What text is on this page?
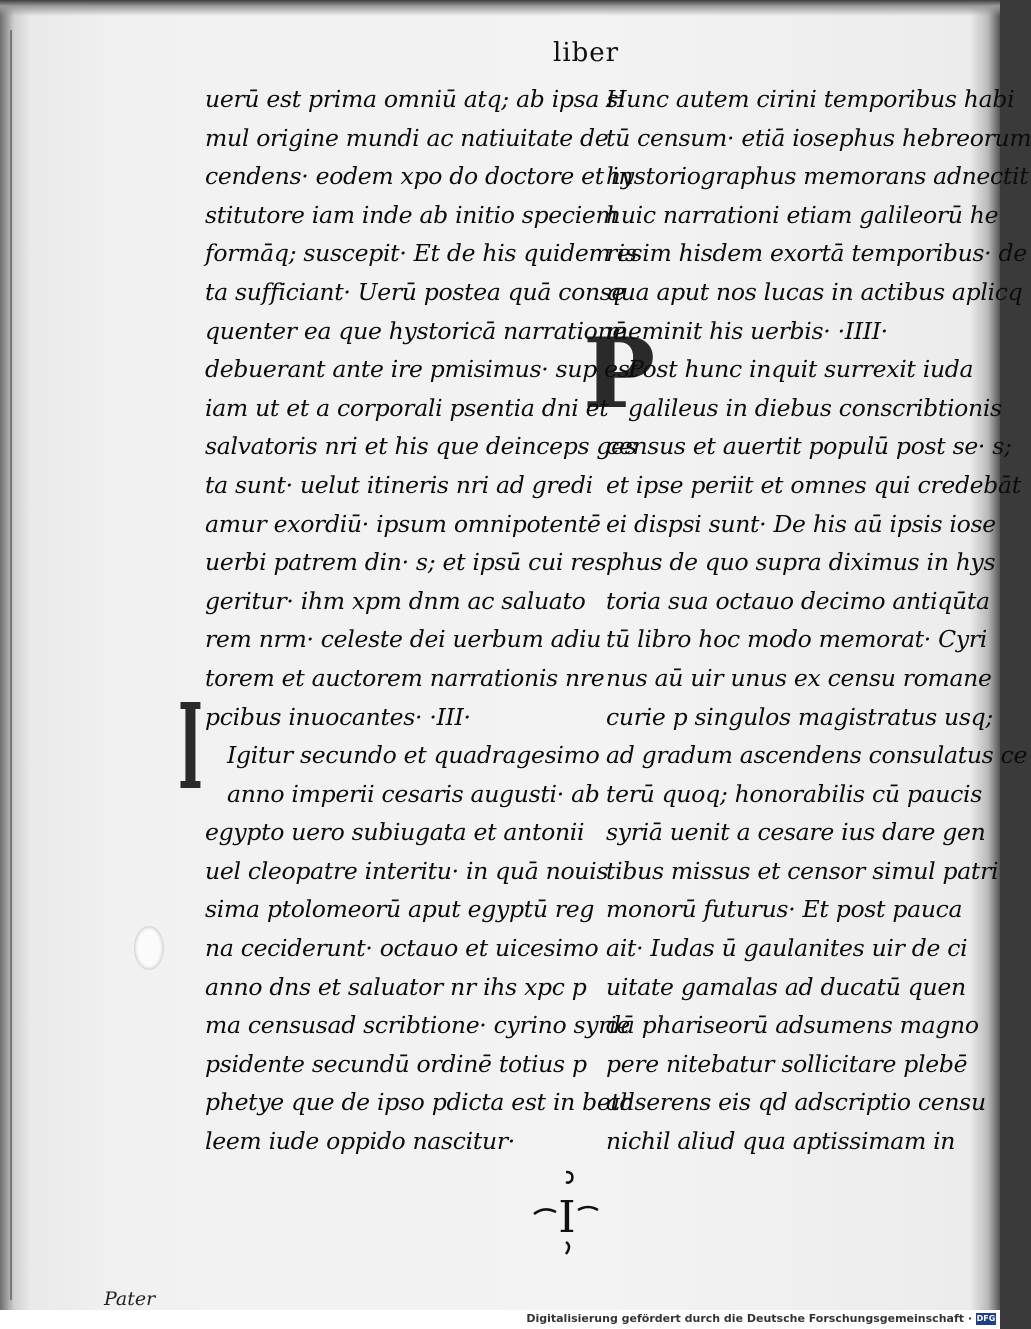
liber
I
P
uerū est prima omniū atq; ab ipsa si
mul origine mundi ac natiuitate de
cendens· eodem xpo do doctore et in
stitutore iam inde ab initio speciem
formāq; suscepit· Et de his quidem is
ta sufficiant· Uerū postea quā conse
quenter ea que hystoricā narrationē
debuerant ante ire pmisimus· sup est
iam ut et a corporali psentia dni et
salvatoris nri et his que deinceps ges
ta sunt· uelut itineris nri ad gredi
amur exordiū· ipsum omnipotentē
uerbi patrem din· s; et ipsū cui res
geritur· ihm xpm dnm ac saluato
rem nrm· celeste dei uerbum adiu
torem et auctorem narrationis nre
pcibus inuocantes· ·III·
Igitur secundo et quadragesimo
anno imperii cesaris augusti· ab
egypto uero subiugata et antonii
uel cleopatre interitu· in quā nouis
sima ptolomeorū aput egyptū reg
na ceciderunt· octauo et uicesimo
anno dns et saluator nr ihs xpc p
ma censusad scribtione· cyrino syrie
psidente secundū ordinē totius p
phetye que de ipso pdicta est in beth
leem iude oppido nascitur·
Hunc autem cirini temporibus habi
tū censum· etiā iosephus hebreorum
hystoriographus memorans adnectit
huic narrationi etiam galileorū he
resim hisdem exortā temporibus· de
qua aput nos lucas in actibus aplicq
meminit his uerbis· ·IIII·
Post hunc inquit surrexit iuda
galileus in diebus conscribtionis
census et auertit populū post se· s;
et ipse periit et omnes qui credebāt
ei dispsi sunt· De his aū ipsis iose
phus de quo supra diximus in hys
toria sua octauo decimo antiqūta
tū libro hoc modo memorat· Cyri
nus aū uir unus ex censu romane
curie p singulos magistratus usq;
ad gradum ascendens consulatus ce
terū quoq; honorabilis cū paucis
syriā uenit a cesare ius dare gen
tibus missus et censor simul patri
monorū futurus· Et post pauca
ait· Iudas ū gaulanites uir de ci
uitate gamalas ad ducatū quen
dā phariseorū adsumens magno
pere nitebatur sollicitare plebē
adserens eis qd adscriptio censu
nichil aliud qua aptissimam in
I
Pater
Digitalisierung gefördert durch die Deutsche Forschungsgemeinschaft · DFG
